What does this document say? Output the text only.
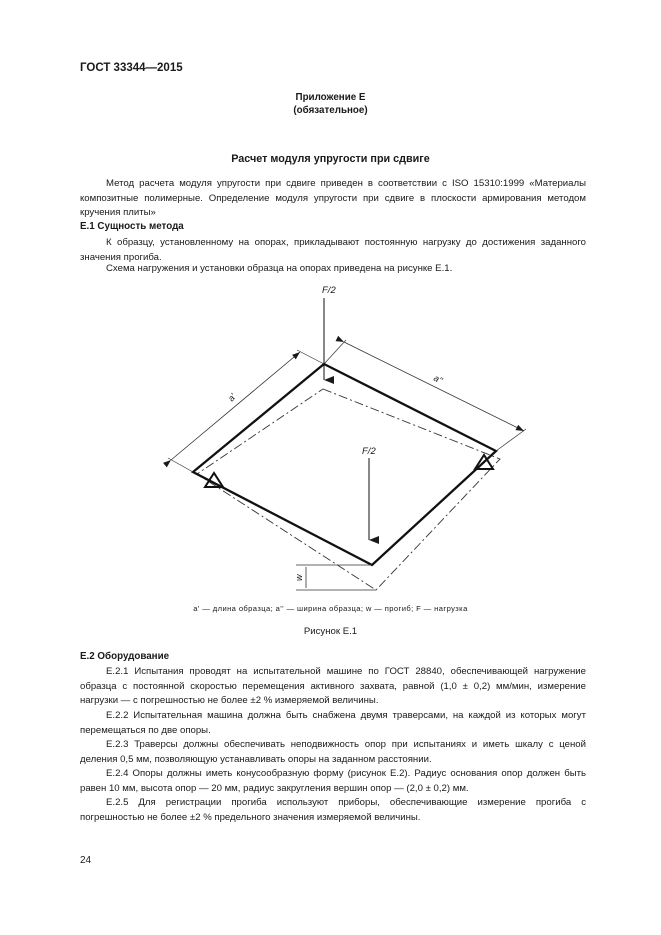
ГОСТ 33344—2015
Приложение Е
(обязательное)
Расчет модуля упругости при сдвиге
Метод расчета модуля упругости при сдвиге приведен в соответствии с ISO 15310:1999 «Материалы композитные полимерные. Определение модуля упругости при сдвиге в плоскости армирования методом кручения плиты»
Е.1 Сущность метода
К образцу, установленному на опорах, прикладывают постоянную нагрузку до достижения заданного значения прогиба.
Схема нагружения и установки образца на опорах приведена на рисунке Е.1.
F/2
F/2
a'
a''
w
a' — длина образца; a'' — ширина образца; w — прогиб; F — нагрузка
Рисунок Е.1
Е.2 Оборудование
Е.2.1 Испытания проводят на испытательной машине по ГОСТ 28840, обеспечивающей нагружение образца с постоянной скоростью перемещения активного захвата, равной (1,0 ± 0,2) мм/мин, измерение нагрузки — с погрешностью не более ±2 % измеряемой величины.
Е.2.2 Испытательная машина должна быть снабжена двумя траверсами, на каждой из которых могут перемещаться по две опоры.
Е.2.3 Траверсы должны обеспечивать неподвижность опор при испытаниях и иметь шкалу с ценой деления 0,5 мм, позволяющую устанавливать опоры на заданном расстоянии.
Е.2.4 Опоры должны иметь конусообразную форму (рисунок Е.2). Радиус основания опор должен быть равен 10 мм, высота опор — 20 мм, радиус закругления вершин опор — (2,0 ± 0,2) мм.
Е.2.5 Для регистрации прогиба используют приборы, обеспечивающие измерение прогиба с погрешностью не более ±2 % предельного значения измеряемой величины.
24
